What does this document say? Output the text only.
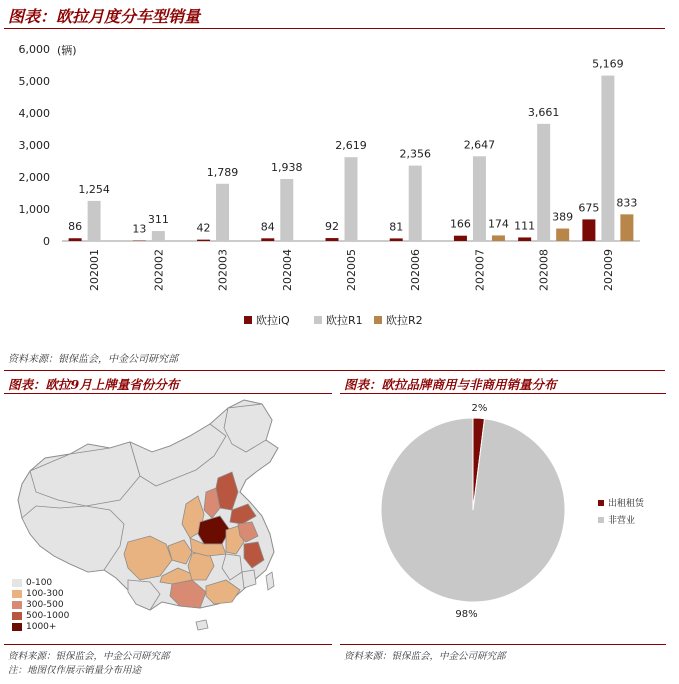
图表：欧拉月度分车型销量
0
1,000
2,000
3,000
4,000
5,000
6,000 (辆)
86
1,254
13
311
42
1,789
84
1,938
92
2,619
81
2,356
166
2,647
174 111
3,661
389
675
5,169
833
202001	202002	202003	202004	202005	202006	202007	202008	202009
欧拉iQ	欧拉R1 欧拉R2
资料来源：银保监会，中金公司研究部
图表：欧拉9月上牌量省份分布
0-100
100-300
300-500
500-1000
1000+
资料来源：银保监会，中金公司研究部
注：地图仅作展示销量分布用途
图表：欧拉品牌商用与非商用销量分布
2%
98%
出租租赁
非营业
资料来源：银保监会，中金公司研究部
